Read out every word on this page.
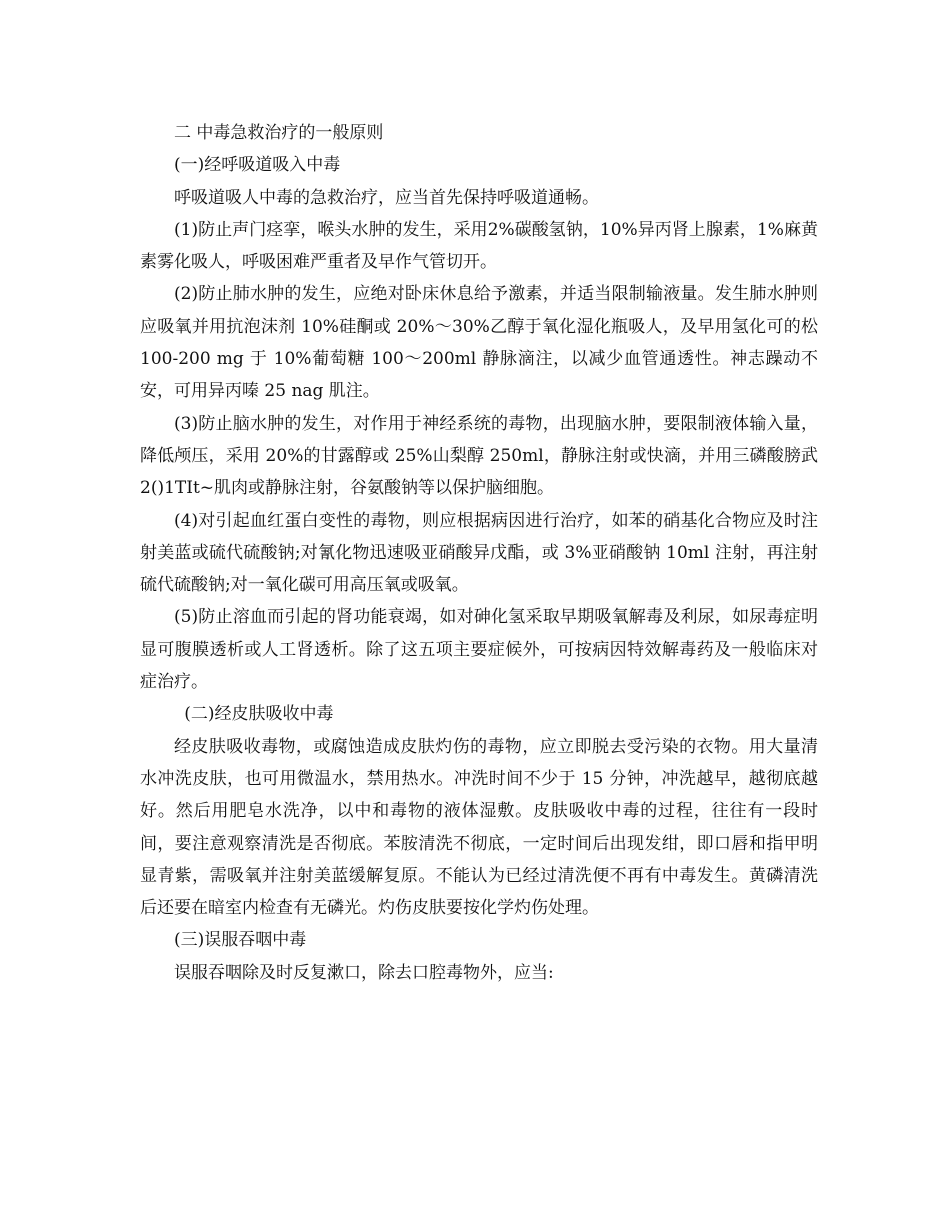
二 中毒急救治疗的一般原则

(一)经呼吸道吸入中毒

呼吸道吸人中毒的急救治疗，应当首先保持呼吸道通畅。

(1)防止声门痉挛，喉头水肿的发生，采用2%碳酸氢钠，10%异丙肾上腺素，1%麻黄素雾化吸人，呼吸困难严重者及早作气管切开。

(2)防止肺水肿的发生，应绝对卧床休息给予激素，并适当限制输液量。发生肺水肿则应吸氧并用抗泡沫剂 10%硅酮或 20%～30%乙醇于氧化湿化瓶吸人，及早用氢化可的松 100-200 mg 于 10%葡萄糖 100～200ml 静脉滴注，以减少血管通透性。神志躁动不安，可用异丙嗪 25 nag 肌注。

(3)防止脑水肿的发生，对作用于神经系统的毒物，出现脑水肿，要限制液体输入量，降低颅压，采用 20%的甘露醇或 25%山梨醇 250ml，静脉注射或快滴，并用三磷酸膀武 2()1TIt~肌肉或静脉注射，谷氨酸钠等以保护脑细胞。

(4)对引起血红蛋白变性的毒物，则应根据病因进行治疗，如苯的硝基化合物应及时注射美蓝或硫代硫酸钠;对氰化物迅速吸亚硝酸异戊酯，或 3%亚硝酸钠 10ml 注射，再注射硫代硫酸钠;对一氧化碳可用高压氧或吸氧。

(5)防止溶血而引起的肾功能衰竭，如对砷化氢采取早期吸氧解毒及利尿，如尿毒症明显可腹膜透析或人工肾透析。除了这五项主要症候外，可按病因特效解毒药及一般临床对症治疗。

(二)经皮肤吸收中毒

经皮肤吸收毒物，或腐蚀造成皮肤灼伤的毒物，应立即脱去受污染的衣物。用大量清水冲洗皮肤，也可用微温水，禁用热水。冲洗时间不少于 15 分钟，冲洗越早，越彻底越好。然后用肥皂水洗净，以中和毒物的液体湿敷。皮肤吸收中毒的过程，往往有一段时间，要注意观察清洗是否彻底。苯胺清洗不彻底，一定时间后出现发绀，即口唇和指甲明显青紫，需吸氧并注射美蓝缓解复原。不能认为已经过清洗便不再有中毒发生。黄磷清洗后还要在暗室内检查有无磷光。灼伤皮肤要按化学灼伤处理。

(三)误服吞咽中毒

误服吞咽除及时反复漱口，除去口腔毒物外，应当:
